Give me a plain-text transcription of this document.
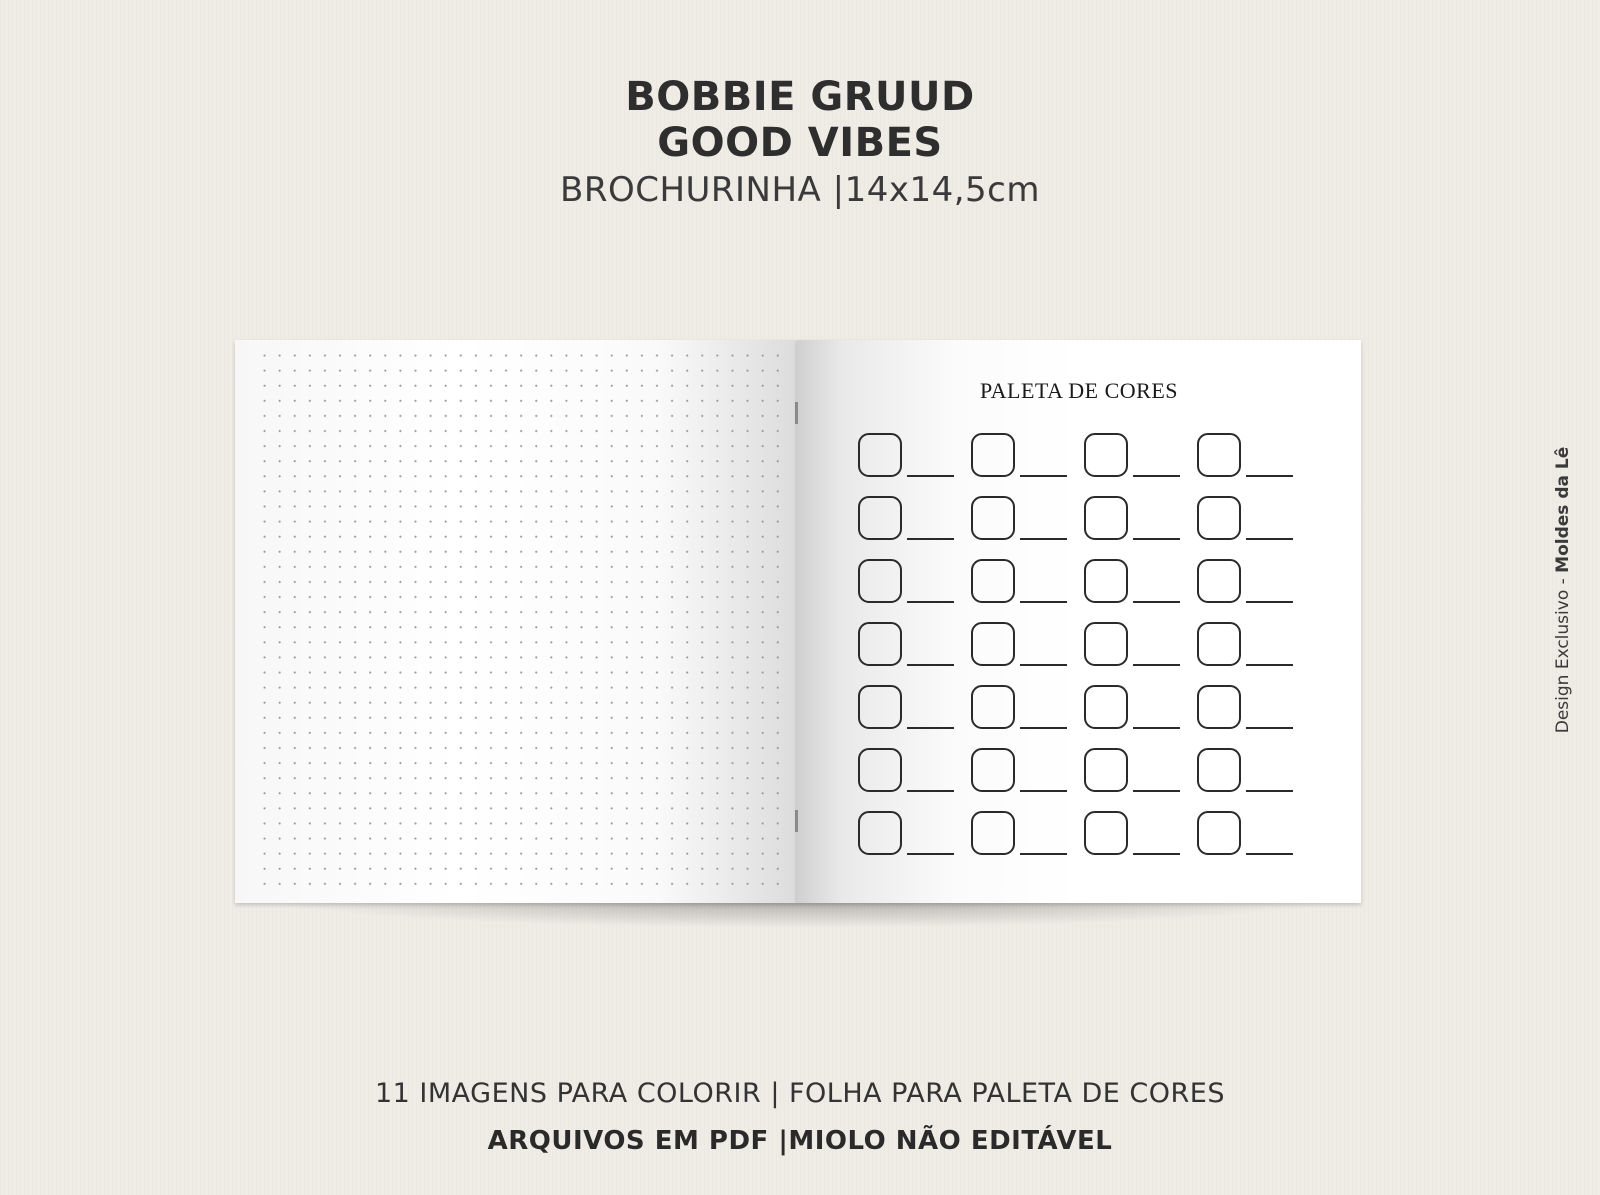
BOBBIE GRUUD
GOOD VIBES
BROCHURINHA |14x14,5cm
PALETA DE CORES
Design Exclusivo - Moldes da Lê
11 IMAGENS PARA COLORIR | FOLHA PARA PALETA DE CORES
ARQUIVOS EM PDF |MIOLO NÃO EDITÁVEL
